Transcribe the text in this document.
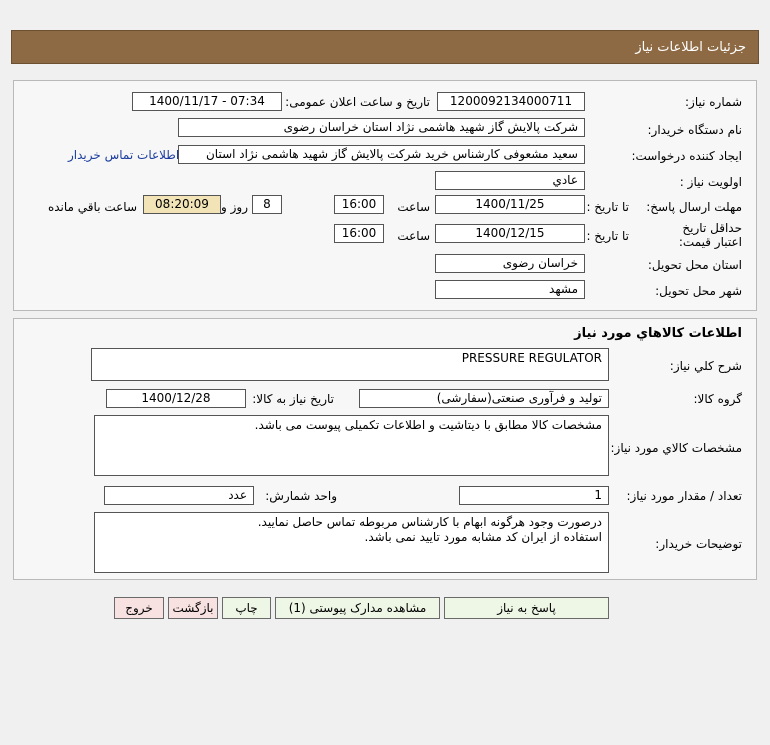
جزئیات اطلاعات نیاز
شماره نیاز:
1200092134000711
تاریخ و ساعت اعلان عمومی:
1400/11/17 - 07:34
نام دستگاه خریدار:
شرکت پالایش گاز شهید هاشمی نژاد استان خراسان رضوی
ایجاد کننده درخواست:
سعید مشعوفی کارشناس خرید شرکت پالایش گاز شهید هاشمی نژاد استان
اطلاعات تماس خریدار
اولویت نیاز :
عادي
مهلت ارسال پاسخ:
تا تاریخ :
1400/11/25
ساعت
16:00
8
روز و
08:20:09
ساعت باقي مانده
حداقل تاریخ اعتبار قیمت:
تا تاریخ :
1400/12/15
ساعت
16:00
استان محل تحویل:
خراسان رضوی
شهر محل تحویل:
مشهد
اطلاعات کالاهاي مورد نياز
شرح کلي نياز:
PRESSURE REGULATOR
گروه کالا:
تولید و فرآوری صنعتی(سفارشی)
تاريخ نياز به کالا:
1400/12/28
مشخصات کالاي مورد نياز:
مشخصات کالا مطابق با دیتاشیت و اطلاعات تکمیلی پیوست می باشد.
تعداد / مقدار مورد نياز:
1
واحد شمارش:
عدد
توضیحات خریدار:
درصورت وجود هرگونه ابهام با کارشناس مربوطه تماس حاصل نمایید.
استفاده از ایران کد مشابه مورد تایید نمی باشد.
پاسخ به نياز
مشاهده مدارک پیوستی (1)
چاپ
بازگشت
خروج
